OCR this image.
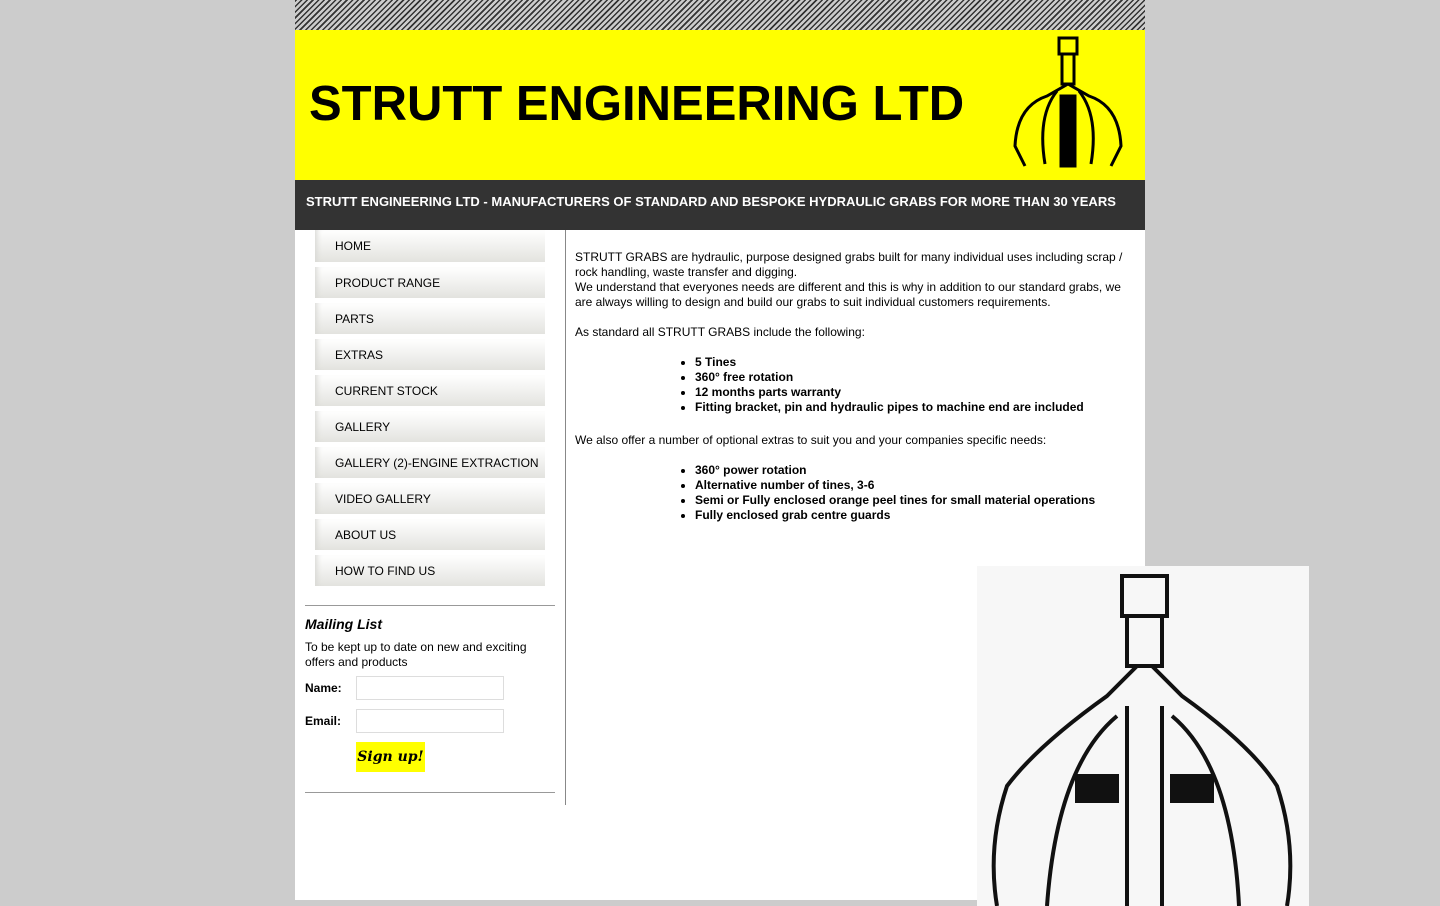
STRUTT ENGINEERING LTD
STRUTT ENGINEERING LTD - MANUFACTURERS OF STANDARD AND BESPOKE HYDRAULIC GRABS FOR MORE THAN 30 YEARS
HOME
PRODUCT RANGE
PARTS
EXTRAS
CURRENT STOCK
GALLERY
GALLERY (2)-ENGINE EXTRACTION
VIDEO GALLERY
ABOUT US
HOW TO FIND US
Mailing List

To be kept up to date on new and exciting offers and products

Name:
Email:
Sign up!

STRUTT GRABS are hydraulic, purpose designed grabs built for many individual uses including scrap / rock handling, waste transfer and digging.

We understand that everyones needs are different and this is why in addition to our standard grabs, we are always willing to design and build our grabs to suit individual customers requirements.

As standard all STRUTT GRABS include the following:

• 5 Tines
• 360° free rotation
• 12 months parts warranty
• Fitting bracket, pin and hydraulic pipes to machine end are included

We also offer a number of optional extras to suit you and your companies specific needs:

• 360° power rotation
• Alternative number of tines, 3-6
• Semi or Fully enclosed orange peel tines for small material operations
• Fully enclosed grab centre guards
